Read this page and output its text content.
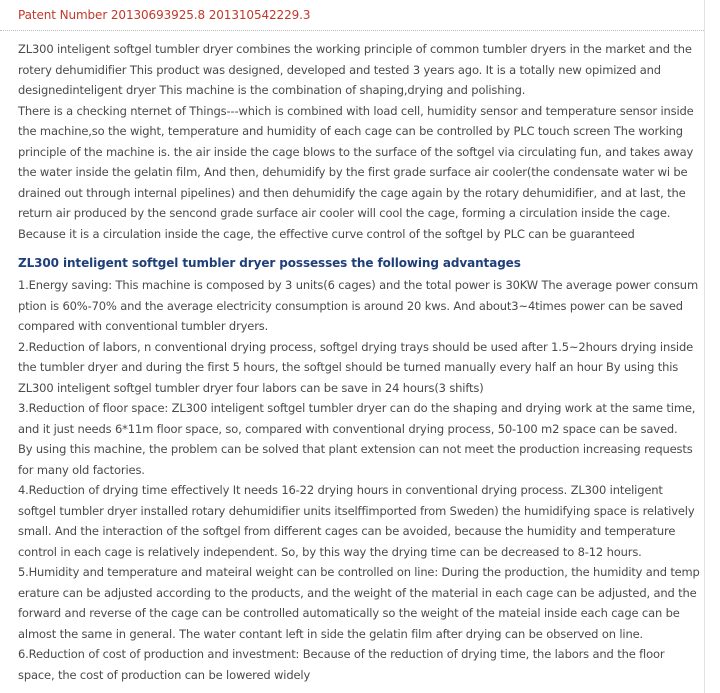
Patent Number 20130693925.8 201310542229.3
ZL300 inteligent softgel tumbler dryer combines the working principle of common tumbler dryers in the market and the
rotery dehumidifier This product was designed, developed and tested 3 years ago. It is a totally new opimized and
designedinteligent dryer This machine is the combination of shaping,drying and polishing.
There is a checking nternet of Things---which is combined with load cell, humidity sensor and temperature sensor inside
the machine,so the wight, temperature and humidity of each cage can be controlled by PLC touch screen The working
principle of the machine is. the air inside the cage blows to the surface of the softgel via circulating fun, and takes away
the water inside the gelatin film, And then, dehumidify by the first grade surface air cooler(the condensate water wi be
drained out through internal pipelines) and then dehumidify the cage again by the rotary dehumidifier, and at last, the
return air produced by the sencond grade surface air cooler will cool the cage, forming a circulation inside the cage.
Because it is a circulation inside the cage, the effective curve control of the softgel by PLC can be guaranteed
ZL300 inteligent softgel tumbler dryer possesses the following advantages
1.Energy saving: This machine is composed by 3 units(6 cages) and the total power is 30KW The average power consum
ption is 60%-70% and the average electricity consumption is around 20 kws. And about3~4times power can be saved
compared with conventional tumbler dryers.
2.Reduction of labors, n conventional drying process, softgel drying trays should be used after 1.5~2hours drying inside
the tumbler dryer and during the first 5 hours, the softgel should be turned manually every half an hour By using this
ZL300 inteligent softgel tumbler dryer four labors can be save in 24 hours(3 shifts)
3.Reduction of floor space: ZL300 inteligent softgel tumbler dryer can do the shaping and drying work at the same time,
and it just needs 6*11m floor space, so, compared with conventional drying process, 50-100 m2 space can be saved.
By using this machine, the problem can be solved that plant extension can not meet the production increasing requests
for many old factories.
4.Reduction of drying time effectively It needs 16-22 drying hours in conventional drying process. ZL300 inteligent
softgel tumbler dryer installed rotary dehumidifier units itselffimported from Sweden) the humidifying space is relatively
small. And the interaction of the softgel from different cages can be avoided, because the humidity and temperature
control in each cage is relatively independent. So, by this way the drying time can be decreased to 8-12 hours.
5.Humidity and temperature and mateiral weight can be controlled on line: During the production, the humidity and temp
erature can be adjusted according to the products, and the weight of the material in each cage can be adjusted, and the
forward and reverse of the cage can be controlled automatically so the weight of the mateial inside each cage can be
almost the same in general. The water contant left in side the gelatin film after drying can be observed on line.
6.Reduction of cost of production and investment: Because of the reduction of drying time, the labors and the floor
space, the cost of production can be lowered widely
